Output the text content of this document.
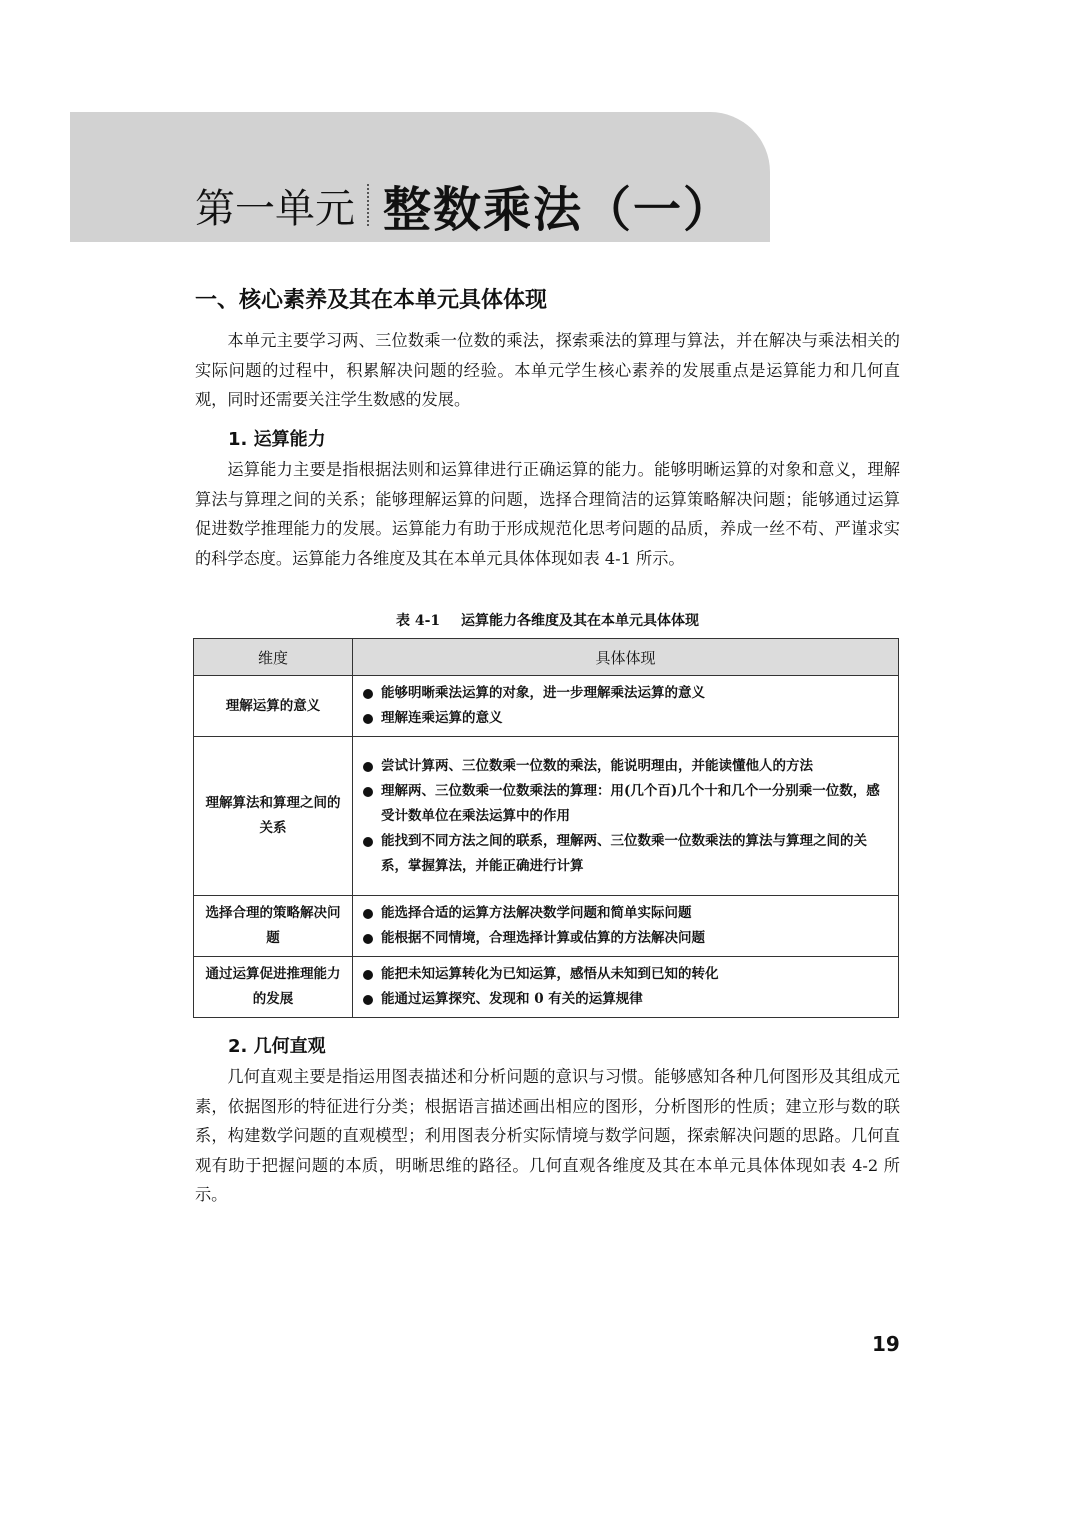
第一单元 整数乘法（一）
一、核心素养及其在本单元具体体现

本单元主要学习两、三位数乘一位数的乘法，探索乘法的算理与算法，并在解决与乘法相关的实际问题的过程中，积累解决问题的经验。本单元学生核心素养的发展重点是运算能力和几何直观，同时还需要关注学生数感的发展。

1. 运算能力

运算能力主要是指根据法则和运算律进行正确运算的能力。能够明晰运算的对象和意义，理解算法与算理之间的关系；能够理解运算的问题，选择合理简洁的运算策略解决问题；能够通过运算促进数学推理能力的发展。运算能力有助于形成规范化思考问题的品质，养成一丝不苟、严谨求实的科学态度。运算能力各维度及其在本单元具体体现如表 4-1 所示。

表 4-1 运算能力各维度及其在本单元具体体现
维度	具体体现
理解运算的意义	能够明晰乘法运算的对象，进一步理解乘法运算的意义
理解连乘运算的意义

理解算法和算理之间的关系	尝试计算两、三位数乘一位数的乘法，能说明理由，并能读懂他人的方法
理解两、三位数乘一位数乘法的算理：用(几个百)几个十和几个一分别乘一位数，感受计数单位在乘法运算中的作用
能找到不同方法之间的联系，理解两、三位数乘一位数乘法的算法与算理之间的关系，掌握算法，并能正确进行计算

选择合理的策略解决问题	能选择合适的运算方法解决数学问题和简单实际问题
能根据不同情境，合理选择计算或估算的方法解决问题

通过运算促进推理能力的发展	能把未知运算转化为已知运算，感悟从未知到已知的转化
能通过运算探究、发现和 0 有关的运算规律
2. 几何直观

几何直观主要是指运用图表描述和分析问题的意识与习惯。能够感知各种几何图形及其组成元素，依据图形的特征进行分类；根据语言描述画出相应的图形，分析图形的性质；建立形与数的联系，构建数学问题的直观模型；利用图表分析实际情境与数学问题，探索解决问题的思路。几何直观有助于把握问题的本质，明晰思维的路径。几何直观各维度及其在本单元具体体现如表 4-2 所示。

19
